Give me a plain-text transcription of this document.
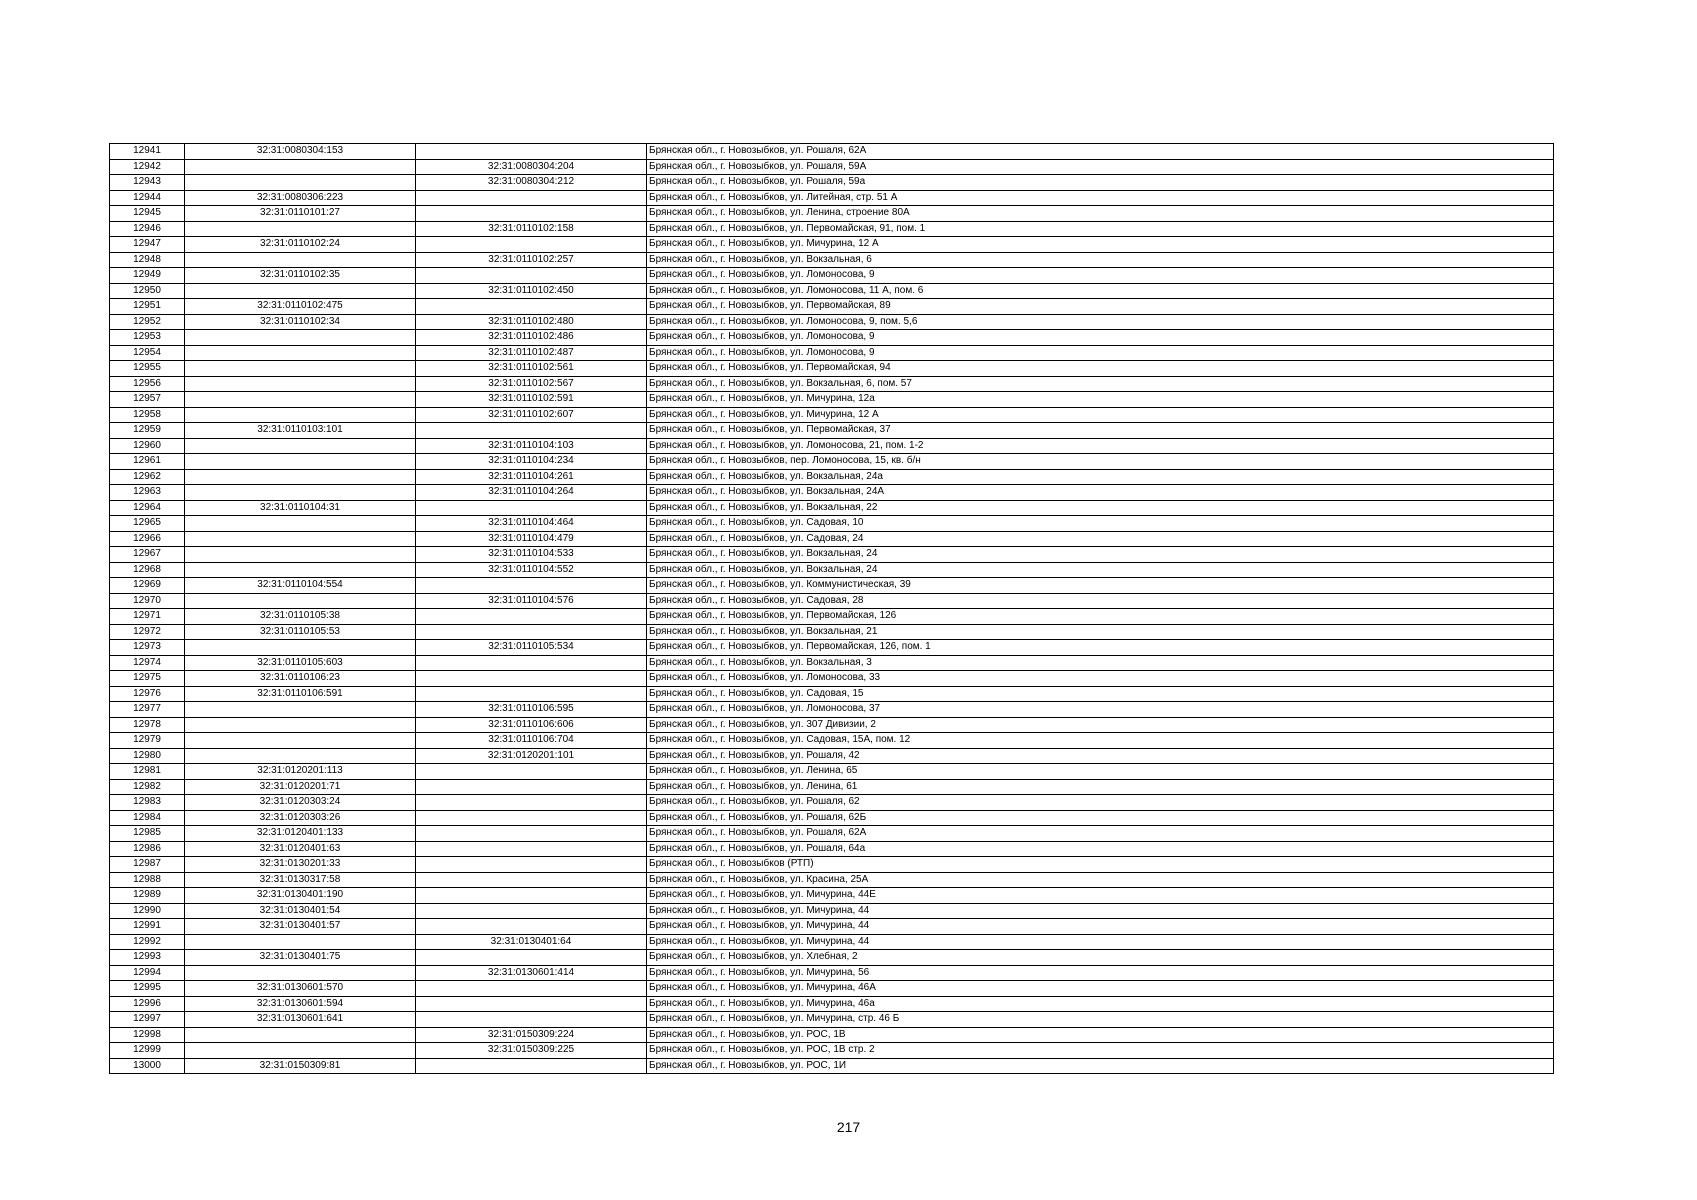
12941	32:31:0080304:153		Брянская обл., г. Новозыбков, ул. Рошаля, 62А
12942		32:31:0080304:204	Брянская обл., г. Новозыбков, ул. Рошаля, 59А
12943		32:31:0080304:212	Брянская обл., г. Новозыбков, ул. Рошаля, 59а
12944	32:31:0080306:223		Брянская обл., г. Новозыбков, ул. Литейная, стр. 51 А
12945	32:31:0110101:27		Брянская обл., г. Новозыбков, ул. Ленина, строение 80А
12946		32:31:0110102:158	Брянская обл., г. Новозыбков, ул. Первомайская, 91, пом. 1
12947	32:31:0110102:24		Брянская обл., г. Новозыбков, ул. Мичурина, 12 А
12948		32:31:0110102:257	Брянская обл., г. Новозыбков, ул. Вокзальная, 6
12949	32:31:0110102:35		Брянская обл., г. Новозыбков, ул. Ломоносова, 9
12950		32:31:0110102:450	Брянская обл., г. Новозыбков, ул. Ломоносова, 11 А, пом. 6
12951	32:31:0110102:475		Брянская обл., г. Новозыбков, ул. Первомайская, 89
12952	32:31:0110102:34	32:31:0110102:480	Брянская обл., г. Новозыбков, ул. Ломоносова, 9, пом. 5,6
12953		32:31:0110102:486	Брянская обл., г. Новозыбков, ул. Ломоносова, 9
12954		32:31:0110102:487	Брянская обл., г. Новозыбков, ул. Ломоносова, 9
12955		32:31:0110102:561	Брянская обл., г. Новозыбков, ул. Первомайская, 94
12956		32:31:0110102:567	Брянская обл., г. Новозыбков, ул. Вокзальная, 6, пом. 57
12957		32:31:0110102:591	Брянская обл., г. Новозыбков, ул. Мичурина, 12а
12958		32:31:0110102:607	Брянская обл., г. Новозыбков, ул. Мичурина, 12 А
12959	32:31:0110103:101		Брянская обл., г. Новозыбков, ул. Первомайская, 37
12960		32:31:0110104:103	Брянская обл., г. Новозыбков, ул. Ломоносова, 21, пом. 1-2
12961		32:31:0110104:234	Брянская обл., г. Новозыбков, пер. Ломоносова, 15, кв. б/н
12962		32:31:0110104:261	Брянская обл., г. Новозыбков, ул. Вокзальная, 24а
12963		32:31:0110104:264	Брянская обл., г. Новозыбков, ул. Вокзальная, 24А
12964	32:31:0110104:31		Брянская обл., г. Новозыбков, ул. Вокзальная, 22
12965		32:31:0110104:464	Брянская обл., г. Новозыбков, ул. Садовая, 10
12966		32:31:0110104:479	Брянская обл., г. Новозыбков, ул. Садовая, 24
12967		32:31:0110104:533	Брянская обл., г. Новозыбков, ул. Вокзальная, 24
12968		32:31:0110104:552	Брянская обл., г. Новозыбков, ул. Вокзальная, 24
12969	32:31:0110104:554		Брянская обл., г. Новозыбков, ул. Коммунистическая, 39
12970		32:31:0110104:576	Брянская обл., г. Новозыбков, ул. Садовая, 28
12971	32:31:0110105:38		Брянская обл., г. Новозыбков, ул. Первомайская, 126
12972	32:31:0110105:53		Брянская обл., г. Новозыбков, ул. Вокзальная, 21
12973		32:31:0110105:534	Брянская обл., г. Новозыбков, ул. Первомайская, 126, пом. 1
12974	32:31:0110105:603		Брянская обл., г. Новозыбков, ул. Вокзальная, 3
12975	32:31:0110106:23		Брянская обл., г. Новозыбков, ул. Ломоносова, 33
12976	32:31:0110106:591		Брянская обл., г. Новозыбков, ул. Садовая, 15
12977		32:31:0110106:595	Брянская обл., г. Новозыбков, ул. Ломоносова, 37
12978		32:31:0110106:606	Брянская обл., г. Новозыбков, ул. 307 Дивизии, 2
12979		32:31:0110106:704	Брянская обл., г. Новозыбков, ул. Садовая, 15А, пом. 12
12980		32:31:0120201:101	Брянская обл., г. Новозыбков, ул. Рошаля, 42
12981	32:31:0120201:113		Брянская обл., г. Новозыбков, ул. Ленина, 65
12982	32:31:0120201:71		Брянская обл., г. Новозыбков, ул. Ленина, 61
12983	32:31:0120303:24		Брянская обл., г. Новозыбков, ул. Рошаля, 62
12984	32:31:0120303:26		Брянская обл., г. Новозыбков, ул. Рошаля, 62Б
12985	32:31:0120401:133		Брянская обл., г. Новозыбков, ул. Рошаля, 62А
12986	32:31:0120401:63		Брянская обл., г. Новозыбков, ул. Рошаля, 64а
12987	32:31:0130201:33		Брянская обл., г. Новозыбков (РТП)
12988	32:31:0130317:58		Брянская обл., г. Новозыбков, ул. Красина, 25А
12989	32:31:0130401:190		Брянская обл., г. Новозыбков, ул. Мичурина, 44Е
12990	32:31:0130401:54		Брянская обл., г. Новозыбков, ул. Мичурина, 44
12991	32:31:0130401:57		Брянская обл., г. Новозыбков, ул. Мичурина, 44
12992		32:31:0130401:64	Брянская обл., г. Новозыбков, ул. Мичурина, 44
12993	32:31:0130401:75		Брянская обл., г. Новозыбков, ул. Хлебная, 2
12994		32:31:0130601:414	Брянская обл., г. Новозыбков, ул. Мичурина, 56
12995	32:31:0130601:570		Брянская обл., г. Новозыбков, ул. Мичурина, 46А
12996	32:31:0130601:594		Брянская обл., г. Новозыбков, ул. Мичурина, 46а
12997	32:31:0130601:641		Брянская обл., г. Новозыбков, ул. Мичурина, стр. 46 Б
12998		32:31:0150309:224	Брянская обл., г. Новозыбков, ул. РОС, 1В
12999		32:31:0150309:225	Брянская обл., г. Новозыбков, ул. РОС, 1В стр. 2
13000	32:31:0150309:81		Брянская обл., г. Новозыбков, ул. РОС, 1И
217
